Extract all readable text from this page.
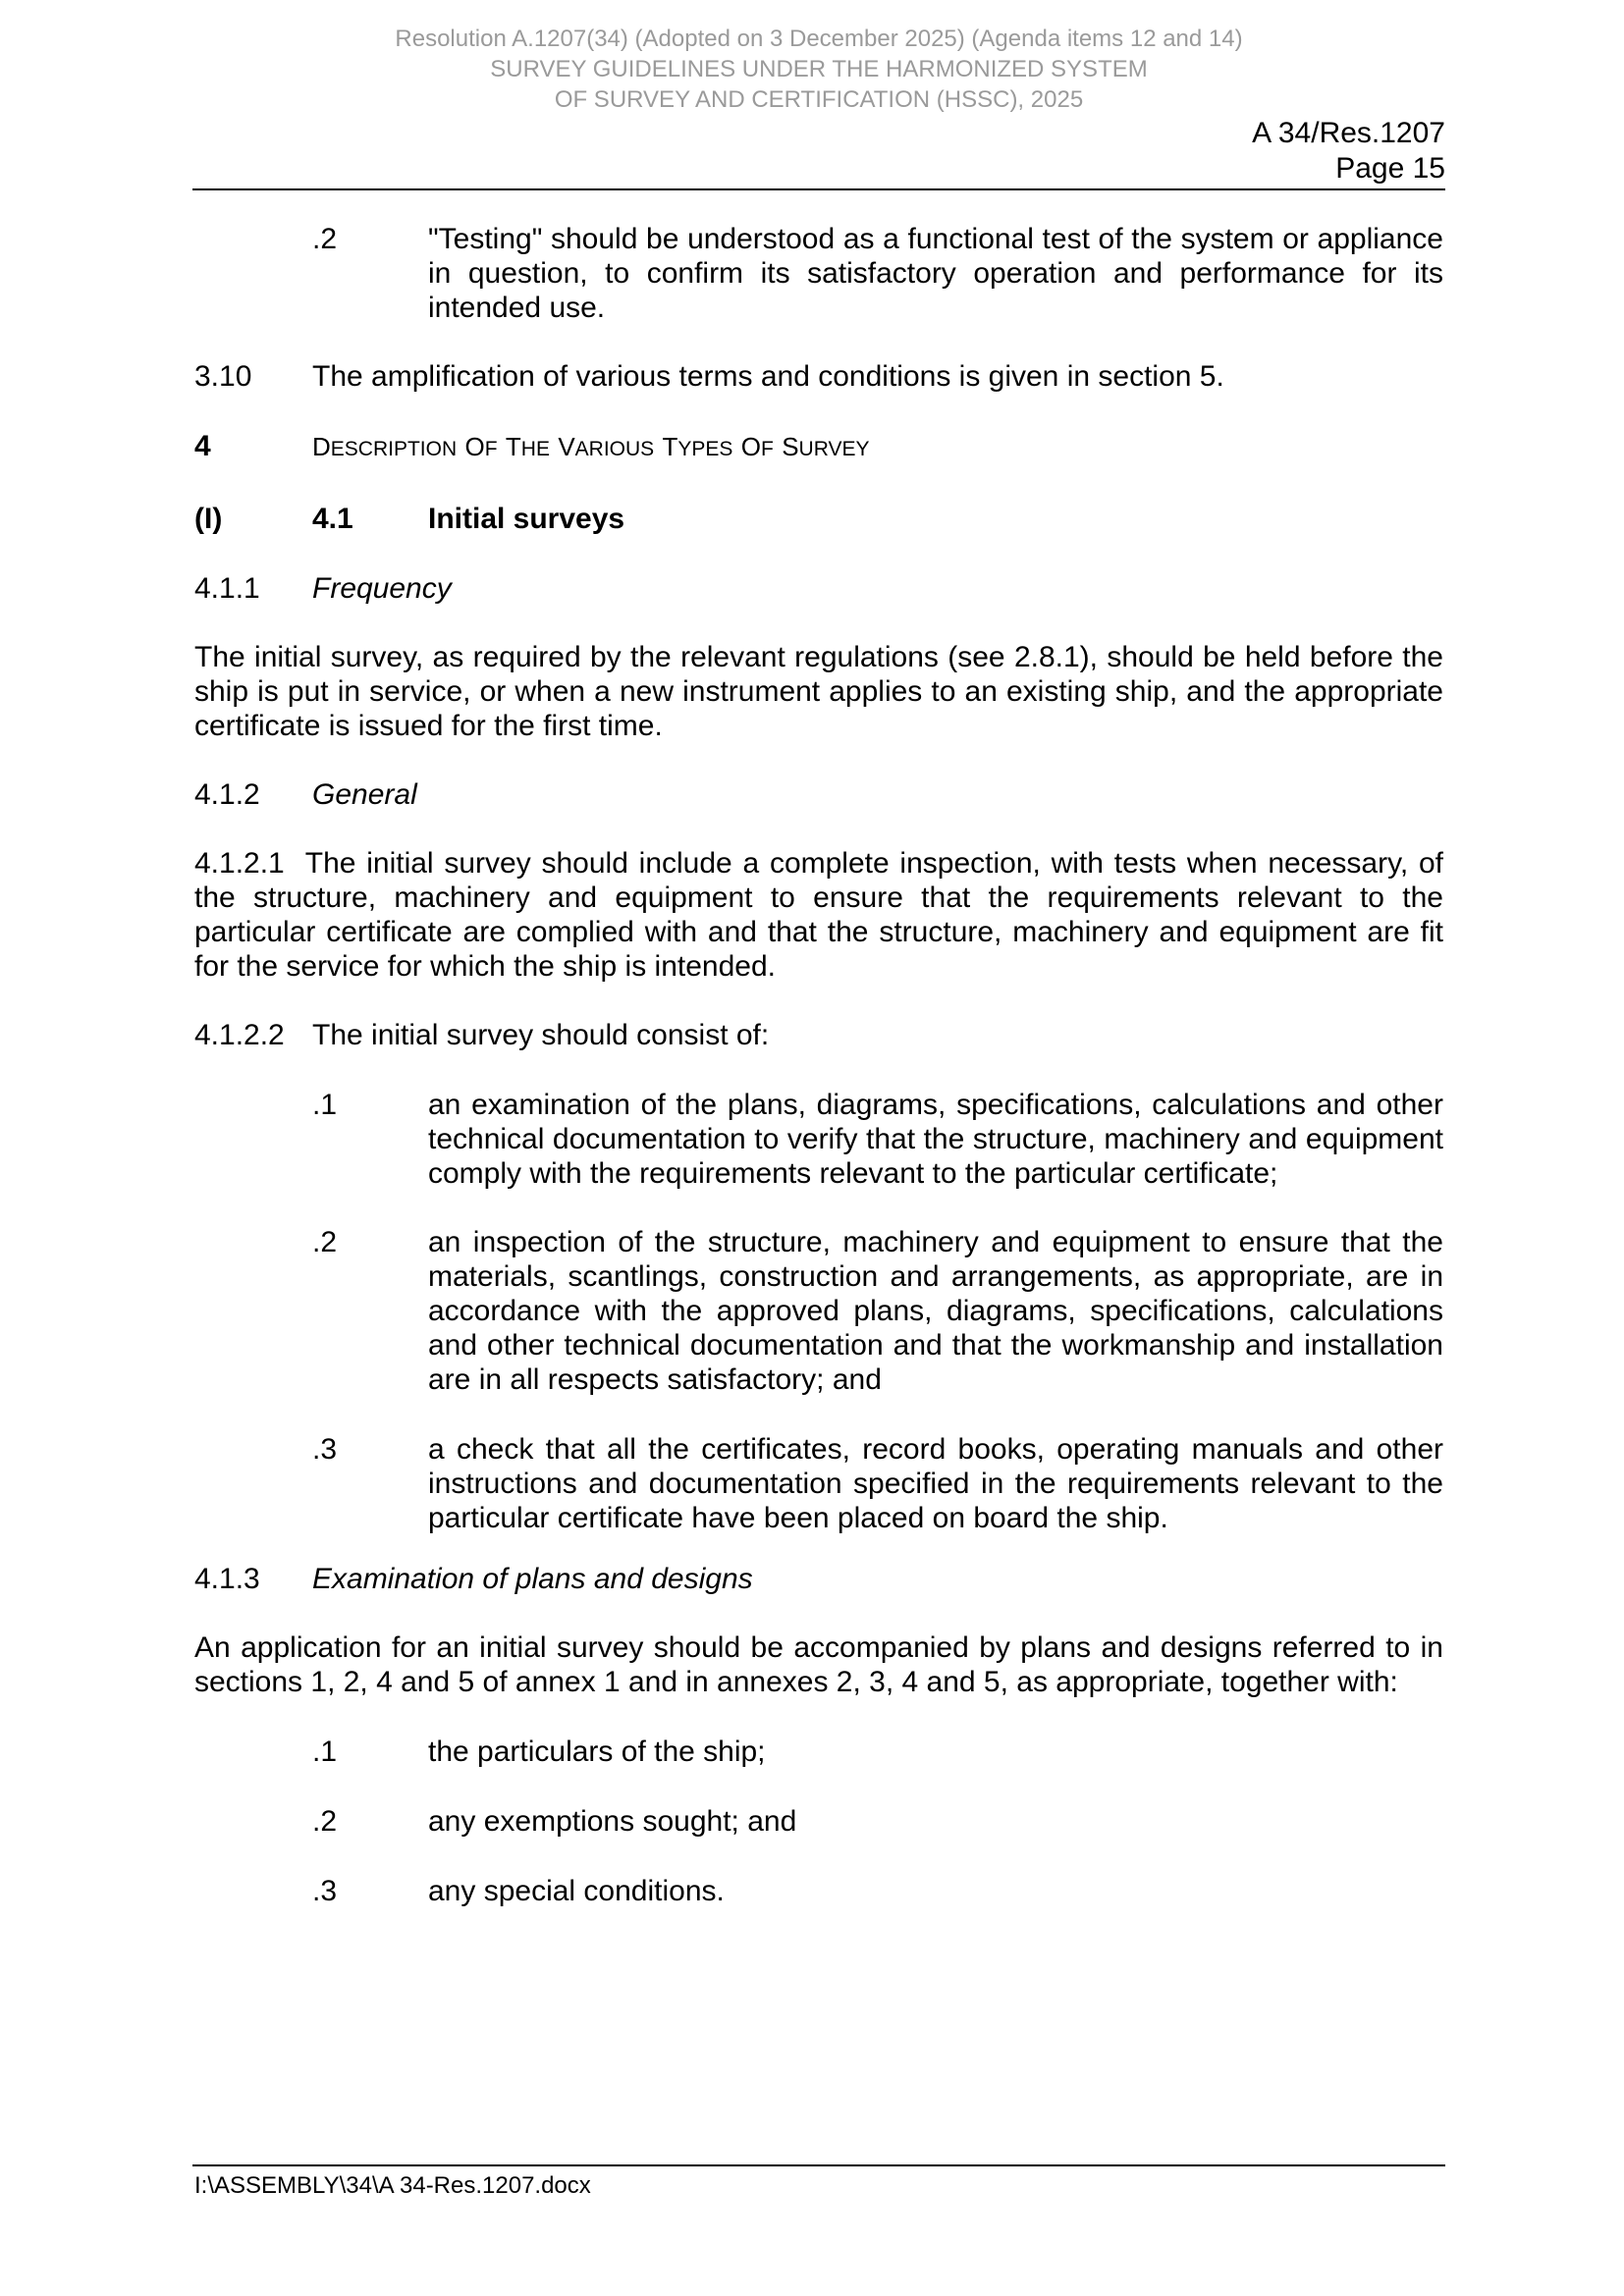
Resolution A.1207(34) (Adopted on 3 December 2025) (Agenda items 12 and 14)
SURVEY GUIDELINES UNDER THE HARMONIZED SYSTEM
OF SURVEY AND CERTIFICATION (HSSC), 2025
A 34/Res.1207
Page 15
.2	"Testing" should be understood as a functional test of the system or appliance in question, to confirm its satisfactory operation and performance for its intended use.
3.10	The amplification of various terms and conditions is given in section 5.
4	DESCRIPTION OF THE VARIOUS TYPES OF SURVEY
(I)	4.1	Initial surveys
4.1.1	Frequency

The initial survey, as required by the relevant regulations (see 2.8.1), should be held before the ship is put in service, or when a new instrument applies to an existing ship, and the appropriate certificate is issued for the first time.

4.1.2	General

4.1.2.1 The initial survey should include a complete inspection, with tests when necessary, of the structure, machinery and equipment to ensure that the requirements relevant to the particular certificate are complied with and that the structure, machinery and equipment are fit for the service for which the ship is intended.

4.1.2.2 The initial survey should consist of:
.1	an examination of the plans, diagrams, specifications, calculations and other technical documentation to verify that the structure, machinery and equipment comply with the requirements relevant to the particular certificate;
.2	an inspection of the structure, machinery and equipment to ensure that the materials, scantlings, construction and arrangements, as appropriate, are in accordance with the approved plans, diagrams, specifications, calculations and other technical documentation and that the workmanship and installation are in all respects satisfactory; and
.3	a check that all the certificates, record books, operating manuals and other instructions and documentation specified in the requirements relevant to the particular certificate have been placed on board the ship.
4.1.3	Examination of plans and designs

An application for an initial survey should be accompanied by plans and designs referred to in sections 1, 2, 4 and 5 of annex 1 and in annexes 2, 3, 4 and 5, as appropriate, together with:

.1	the particulars of the ship;
.2	any exemptions sought; and
.3	any special conditions.
I:\ASSEMBLY\34\A 34-Res.1207.docx
